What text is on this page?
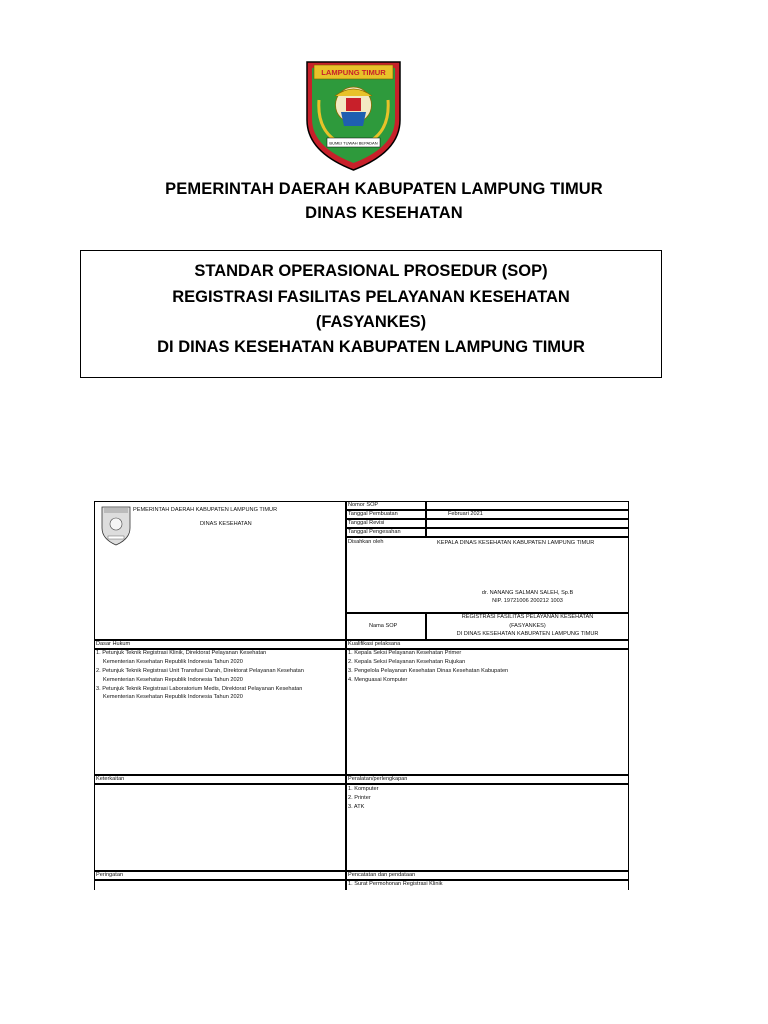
LAMPUNG TIMUR
BUMEI TUWAH BEPADAN
PEMERINTAH DAERAH KABUPATEN LAMPUNG TIMUR
DINAS KESEHATAN
STANDAR OPERASIONAL PROSEDUR (SOP)
REGISTRASI FASILITAS PELAYANAN KESEHATAN
(FASYANKES)
DI DINAS KESEHATAN KABUPATEN LAMPUNG TIMUR
PEMERINTAH DAERAH KABUPATEN LAMPUNG TIMUR
DINAS KESEHATAN
Nomor SOP
Tanggal Pembuatan	Februari 2021
Tanggal Revisi
Tanggal Pengesahan
Disahkan oleh	KEPALA DINAS KESEHATAN KABUPATEN LAMPUNG TIMUR
dr. NANANG SALMAN SALEH, Sp.B
NIP. 19721006 200212 1003
Nama SOP
REGISTRASI FASILITAS PELAYANAN KESEHATAN
(FASYANKES)
DI DINAS KESEHATAN KABUPATEN LAMPUNG TIMUR
Dasar Hukum	Kualifikasi pelaksana
1. Petunjuk Teknik Registrasi Klinik, Direktorat Pelayanan Kesehatan
Kementerian Kesehatan Republik Indonesia Tahun 2020
2. Petunjuk Teknik Registrasi Unit Transfusi Darah, Direktorat Pelayanan Kesehatan
Kementerian Kesehatan Republik Indonesia Tahun 2020
3. Petunjuk Teknik Registrasi Laboratorium Medis, Direktorat Pelayanan Kesehatan
Kementerian Kesehatan Republik Indonesia Tahun 2020
1. Kepala Seksi Pelayanan Kesehatan Primer
2. Kepala Seksi Pelayanan Kesehatan Rujukan
3. Pengelola Pelayanan Kesehatan Dinas Kesehatan Kabupaten
4. Menguasai Komputer
Keterkaitan	Peralatan/perlengkapan
1. Komputer
2. Printer
3. ATK
Peringatan	Pencatatan dan pendataan
1. Surat Permohonan Registrasi Klinik
